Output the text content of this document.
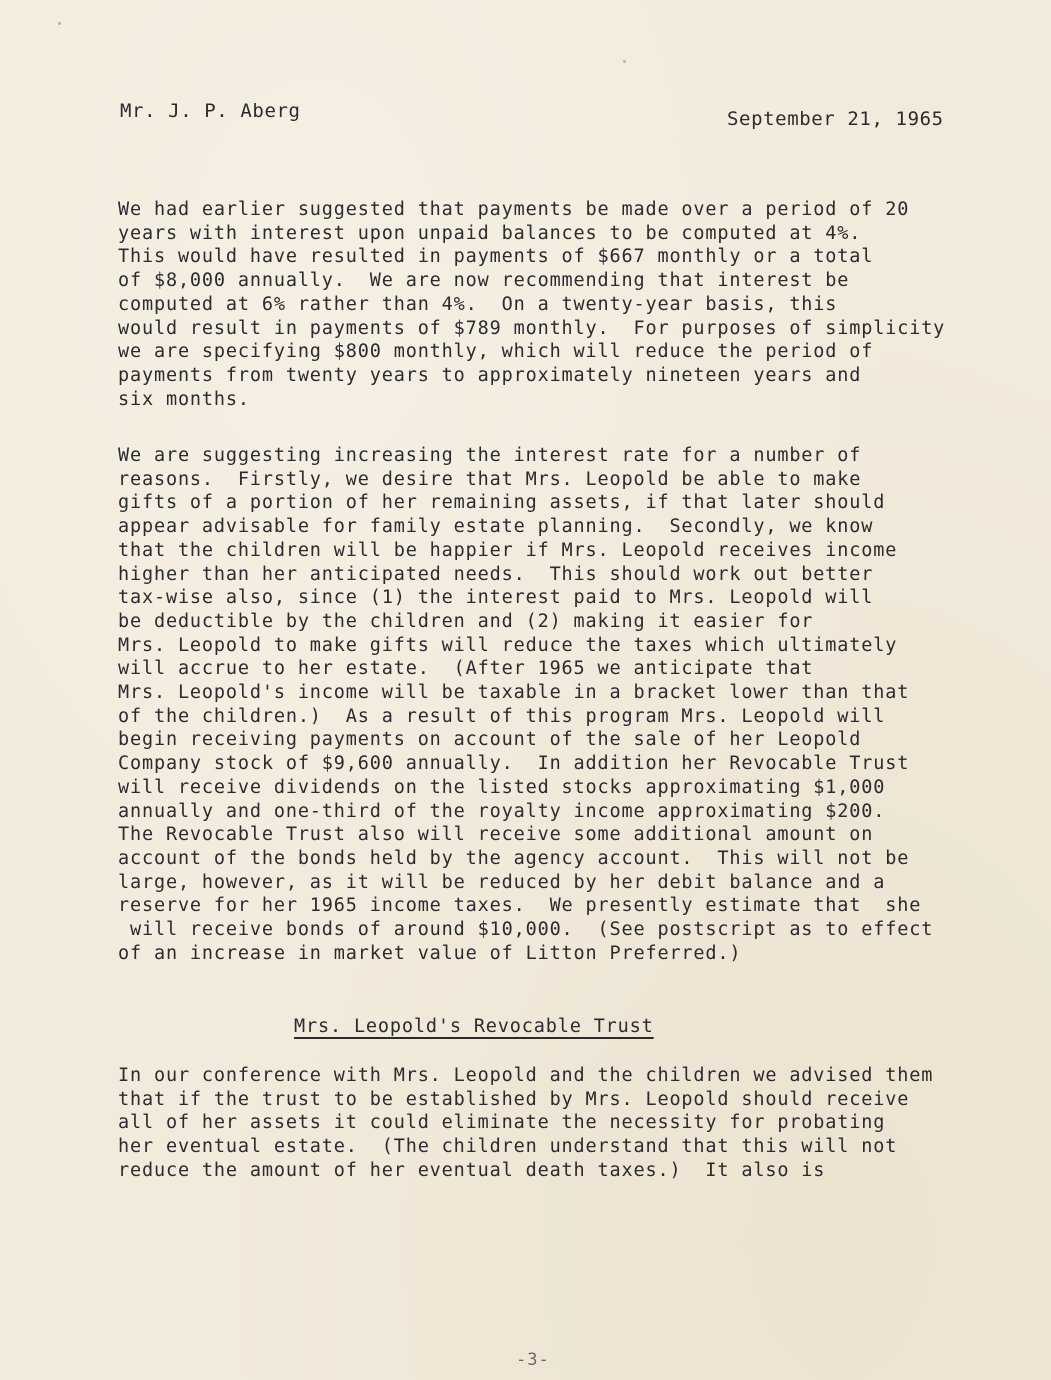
Mr. J. P. Aberg	September 21, 1965

We had earlier suggested that payments be made over a period of 20
years with interest upon unpaid balances to be computed at 4%.
This would have resulted in payments of $667 monthly or a total
of $8,000 annually.  We are now recommending that interest be
computed at 6% rather than 4%.  On a twenty-year basis, this
would result in payments of $789 monthly.  For purposes of simplicity
we are specifying $800 monthly, which will reduce the period of
payments from twenty years to approximately nineteen years and
six months.

We are suggesting increasing the interest rate for a number of
reasons.  Firstly, we desire that Mrs. Leopold be able to make
gifts of a portion of her remaining assets, if that later should
appear advisable for family estate planning.  Secondly, we know
that the children will be happier if Mrs. Leopold receives income
higher than her anticipated needs.  This should work out better
tax-wise also, since (1) the interest paid to Mrs. Leopold will
be deductible by the children and (2) making it easier for
Mrs. Leopold to make gifts will reduce the taxes which ultimately
will accrue to her estate.  (After 1965 we anticipate that
Mrs. Leopold's income will be taxable in a bracket lower than that
of the children.)  As a result of this program Mrs. Leopold will
begin receiving payments on account of the sale of her Leopold
Company stock of $9,600 annually.  In addition her Revocable Trust
will receive dividends on the listed stocks approximating $1,000
annually and one-third of the royalty income approximating $200.
The Revocable Trust also will receive some additional amount on
account of the bonds held by the agency account.  This will not be
large, however, as it will be reduced by her debit balance and a
reserve for her 1965 income taxes.  We presently estimate that  she
will receive bonds of around $10,000.  (See postscript as to effect
of an increase in market value of Litton Preferred.)

Mrs. Leopold's Revocable Trust

In our conference with Mrs. Leopold and the children we advised them
that if the trust to be established by Mrs. Leopold should receive
all of her assets it could eliminate the necessity for probating
her eventual estate.  (The children understand that this will not
reduce the amount of her eventual death taxes.)  It also is

-3-
